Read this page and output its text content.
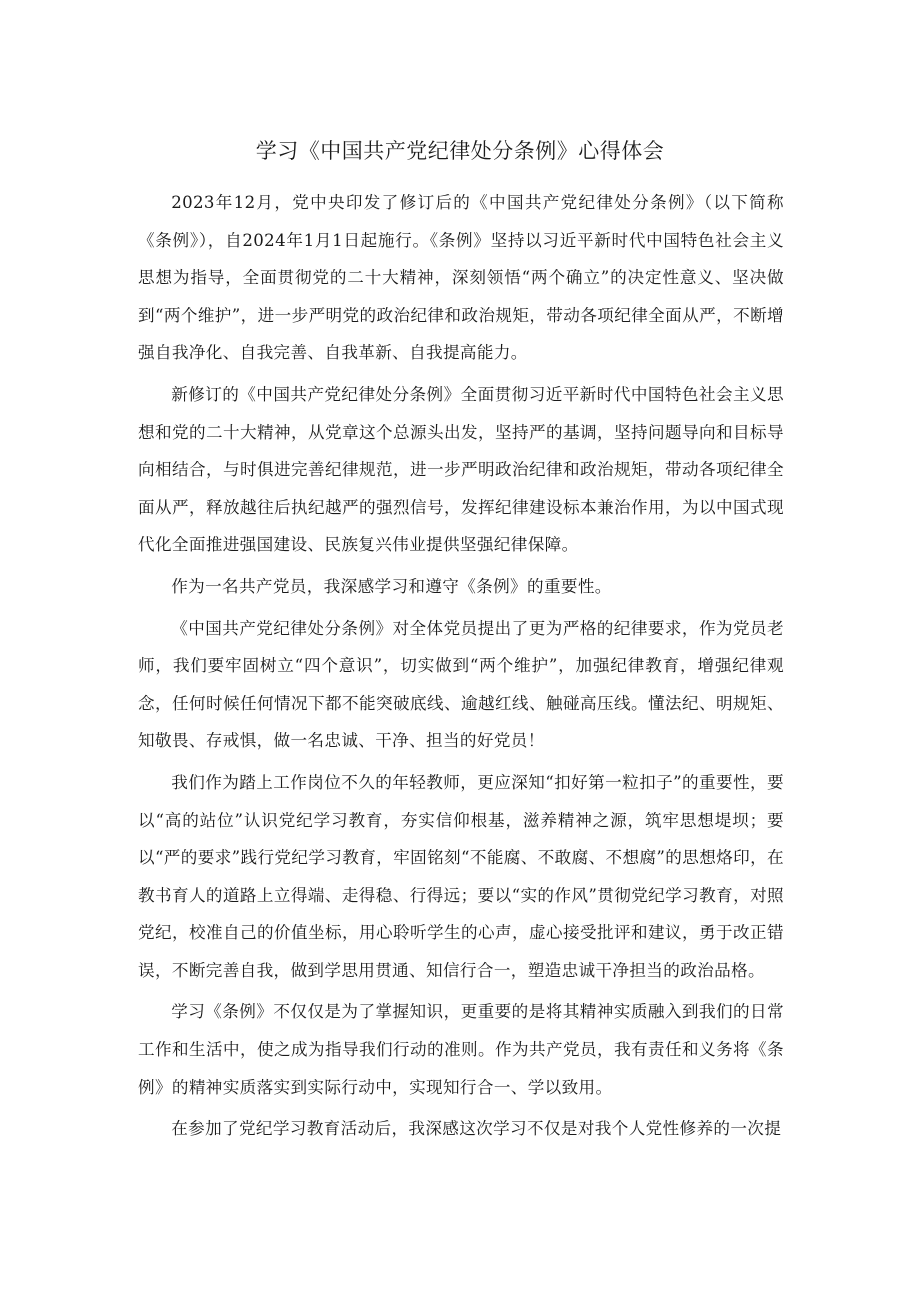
学习《中国共产党纪律处分条例》心得体会

2023年12月，党中央印发了修订后的《中国共产党纪律处分条例》（以下简称《条例》），自2024年1月1日起施行。《条例》坚持以习近平新时代中国特色社会主义思想为指导，全面贯彻党的二十大精神，深刻领悟“两个确立”的决定性意义、坚决做到“两个维护”，进一步严明党的政治纪律和政治规矩，带动各项纪律全面从严，不断增强自我净化、自我完善、自我革新、自我提高能力。

新修订的《中国共产党纪律处分条例》全面贯彻习近平新时代中国特色社会主义思想和党的二十大精神，从党章这个总源头出发，坚持严的基调，坚持问题导向和目标导向相结合，与时俱进完善纪律规范，进一步严明政治纪律和政治规矩，带动各项纪律全面从严，释放越往后执纪越严的强烈信号，发挥纪律建设标本兼治作用，为以中国式现代化全面推进强国建设、民族复兴伟业提供坚强纪律保障。

作为一名共产党员，我深感学习和遵守《条例》的重要性。

《中国共产党纪律处分条例》对全体党员提出了更为严格的纪律要求，作为党员老师，我们要牢固树立“四个意识”，切实做到“两个维护”，加强纪律教育，增强纪律观念，任何时候任何情况下都不能突破底线、逾越红线、触碰高压线。懂法纪、明规矩、知敬畏、存戒惧，做一名忠诚、干净、担当的好党员！

我们作为踏上工作岗位不久的年轻教师，更应深知“扣好第一粒扣子”的重要性，要以“高的站位”认识党纪学习教育，夯实信仰根基，滋养精神之源，筑牢思想堤坝；要以“严的要求”践行党纪学习教育，牢固铭刻“不能腐、不敢腐、不想腐”的思想烙印，在教书育人的道路上立得端、走得稳、行得远；要以“实的作风”贯彻党纪学习教育，对照党纪，校准自己的价值坐标，用心聆听学生的心声，虚心接受批评和建议，勇于改正错误，不断完善自我，做到学思用贯通、知信行合一，塑造忠诚干净担当的政治品格。

学习《条例》不仅仅是为了掌握知识，更重要的是将其精神实质融入到我们的日常工作和生活中，使之成为指导我们行动的准则。作为共产党员，我有责任和义务将《条例》的精神实质落实到实际行动中，实现知行合一、学以致用。

在参加了党纪学习教育活动后，我深感这次学习不仅是对我个人党性修养的一次提
